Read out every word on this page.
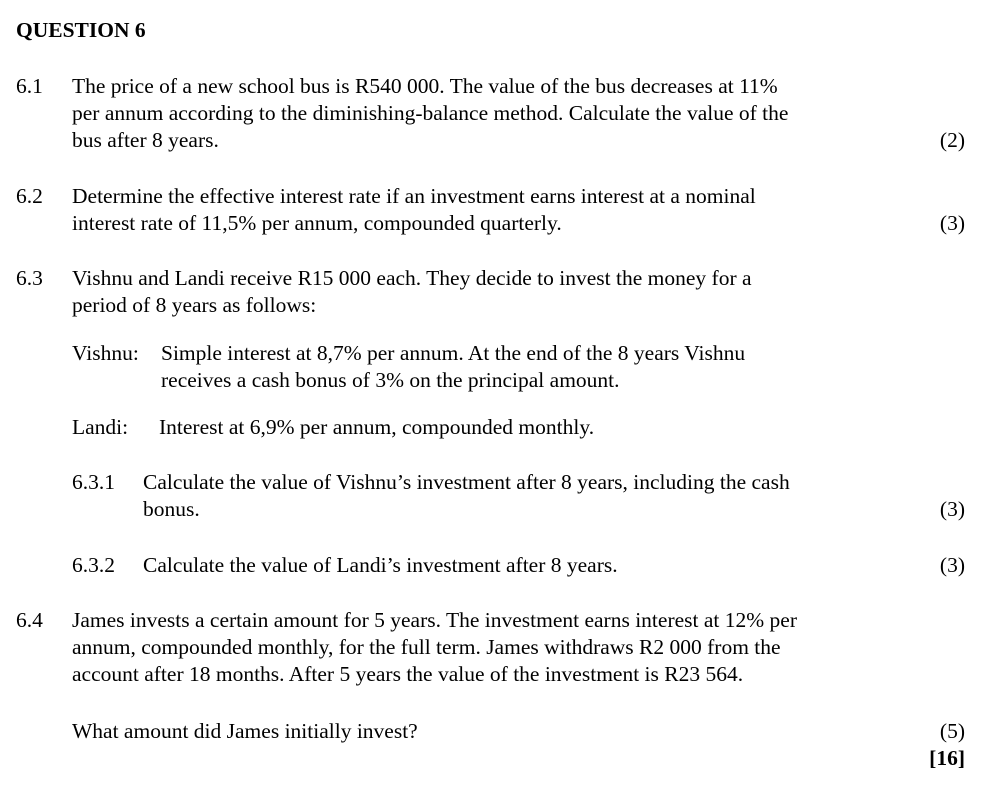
QUESTION 6
6.1 The price of a new school bus is R540 000. The value of the bus decreases at 11%
per annum according to the diminishing-balance method. Calculate the value of the
bus after 8 years.	(2)
6.2 Determine the effective interest rate if an investment earns interest at a nominal
interest rate of 11,5% per annum, compounded quarterly.	(3)
6.3 Vishnu and Landi receive R15 000 each. They decide to invest the money for a
period of 8 years as follows:
Vishnu: Simple interest at 8,7% per annum. At the end of the 8 years Vishnu
receives a cash bonus of 3% on the principal amount.
Landi: Interest at 6,9% per annum, compounded monthly.
6.3.1 Calculate the value of Vishnu’s investment after 8 years, including the cash
bonus.	(3)
6.3.2 Calculate the value of Landi’s investment after 8 years.	(3)
6.4 James invests a certain amount for 5 years. The investment earns interest at 12% per
annum, compounded monthly, for the full term. James withdraws R2 000 from the
account after 18 months. After 5 years the value of the investment is R23 564.
What amount did James initially invest?	(5)
[16]
